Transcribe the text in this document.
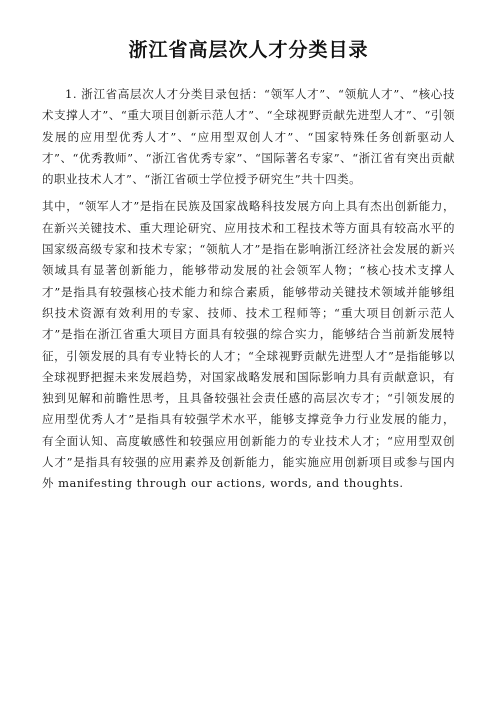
浙江省高层次人才分类目录

1. 浙江省高层次人才分类目录包括：“领军人才”、“领航人才”、“核心技术支撑人才”、“重大项目创新示范人才”、“全球视野贡献先进型人才”、“引领发展的应用型优秀人才”、“应用型双创人才”、“国家特殊任务创新驱动人才”、“优秀教师”、“浙江省优秀专家”、“国际著名专家”、“浙江省有突出贡献的职业技术人才”、“浙江省硕士学位授予研究生”共十四类。

其中，“领军人才”是指在民族及国家战略科技发展方向上具有杰出创新能力，在新兴关键技术、重大理论研究、应用技术和工程技术等方面具有较高水平的国家级高级专家和技术专家；“领航人才”是指在影响浙江经济社会发展的新兴领域具有显著创新能力，能够带动发展的社会领军人物；“核心技术支撑人才”是指具有较强核心技术能力和综合素质，能够带动关键技术领域并能够组织技术资源有效利用的专家、技师、技术工程师等；“重大项目创新示范人才”是指在浙江省重大项目方面具有较强的综合实力，能够结合当前新发展特征，引领发展的具有专业特长的人才；“全球视野贡献先进型人才”是指能够以全球视野把握未来发展趋势，对国家战略发展和国际影响力具有贡献意识，有独到见解和前瞻性思考，且具备较强社会责任感的高层次专才；“引领发展的应用型优秀人才”是指具有较强学术水平，能够支撑竞争力行业发展的能力，有全面认知、高度敏感性和较强应用创新能力的专业技术人才；“应用型双创人才”是指具有较强的应用素养及创新能力，能实施应用创新项目或参与国内外 manifesting through our actions, words, and thoughts.
